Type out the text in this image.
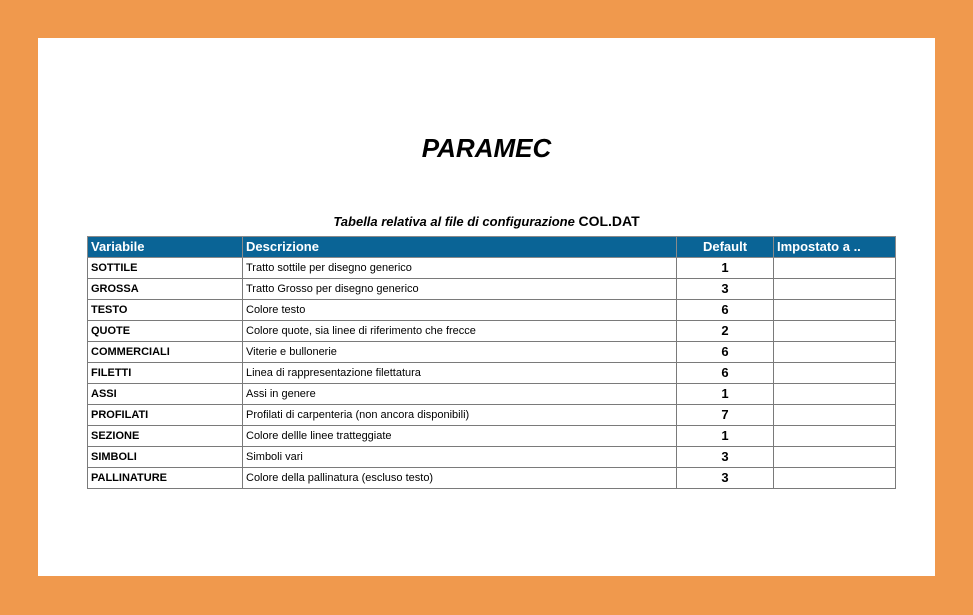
PARAMEC

Tabella relativa al file di configurazione COL.DAT

Variabile	Descrizione	Default	Impostato a ..
SOTTILE	Tratto sottile per disegno generico	1	
GROSSA	Tratto Grosso per disegno generico	3	
TESTO	Colore testo	6	
QUOTE	Colore quote, sia linee di riferimento che frecce	2	
COMMERCIALI	Viterie e bullonerie	6	
FILETTI	Linea di rappresentazione filettatura	6	
ASSI	Assi in genere	1	
PROFILATI	Profilati di carpenteria (non ancora disponibili)	7	
SEZIONE	Colore dellle linee tratteggiate	1	
SIMBOLI	Simboli vari	3	
PALLINATURE	Colore della pallinatura (escluso testo)	3	
